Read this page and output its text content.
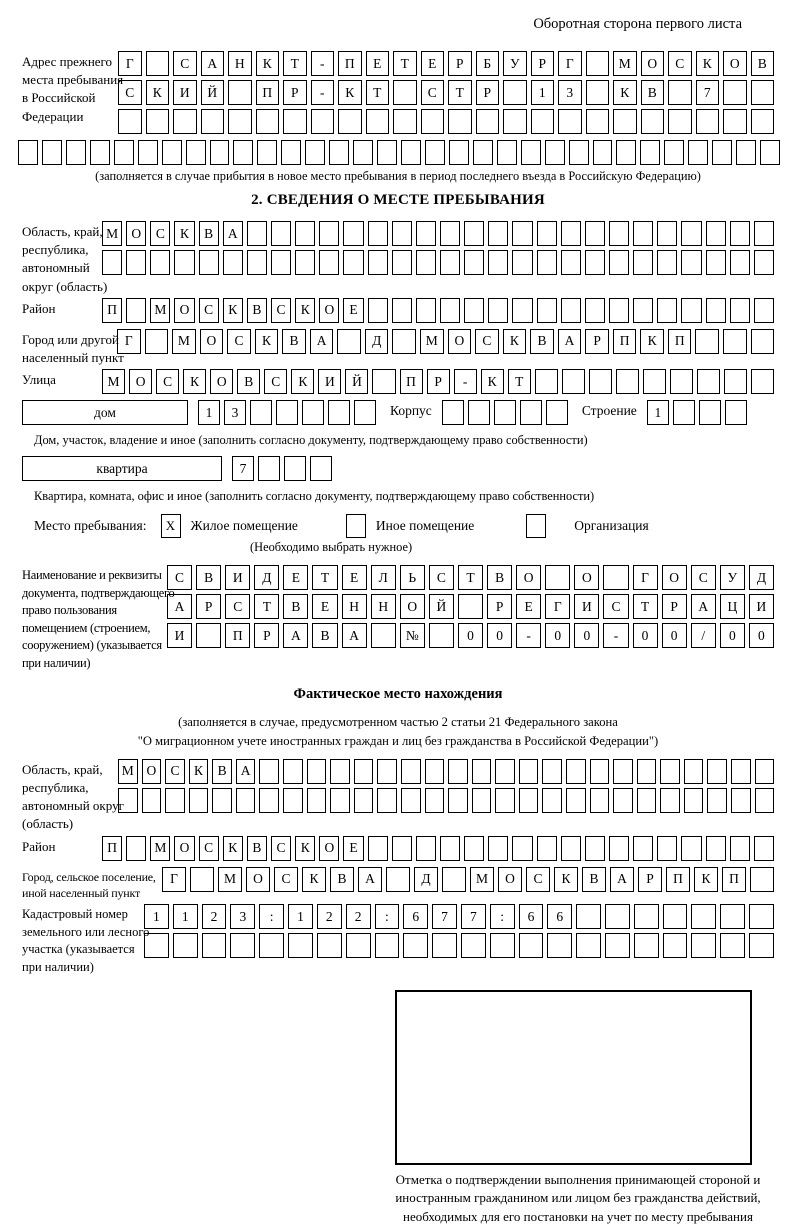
Оборотная сторона первого листа
Адрес прежнего
места пребывания
в Российской
Федерации
Г	С	А	Н	К	Т	-	П	Е	Т	Е	Р	Б	У	Р	Г	М	О	С	К	О	В
С	К	И	Й	П	Р	-	К	Т	С	Т	Р	1	3	К	В	7
(заполняется в случае прибытия в новое место пребывания в период последнего въезда в Российскую Федерацию)
2. СВЕДЕНИЯ О МЕСТЕ ПРЕБЫВАНИЯ
Область, край,
республика,
автономный
округ (область)
М О	С	К	В	А
Район	П	М О	С	К	В	С	К	О	Е
Город или другой
населенный пункт
Г	М	О	С	К	В	А	Д	М	О	С	К	В	А	Р	П	К	П
Улица	М	О	С	К	О	В	С	К	И	Й	П	Р	-	К	Т
дом	1	3	Корпус	Строение	1
Дом, участок, владение и иное (заполнить согласно документу, подтверждающему право собственности)
квартира	7
Квартира, комната, офис и иное (заполнить согласно документу, подтверждающему право собственности)
Место пребывания:	X	Жилое помещение	Иное помещение	Организация
(Необходимо выбрать нужное)
Наименование и реквизиты
документа, подтверждающего
право пользования
помещением (строением,
сооружением) (указывается
при наличии)
С	В	И	Д	Е	Т	Е	Л	Ь	С	Т	В	О	О	Г	О	С	У	Д
А	Р	С	Т	В	Е	Н	Н	О	Й	Р	Е	Г	И	С	Т	Р	А	Ц	И
И	П	Р	А	В	А	№	0	0	-	0	0	-	0	0	/	0	0
Фактическое место нахождения
(заполняется в случае, предусмотренном частью 2 статьи 21 Федерального закона
"О миграционном учете иностранных граждан и лиц без гражданства в Российской Федерации")
Область, край,
республика,
автономный округ
(область)
М О	С	К	В	А
Район	П	М О	С	К	В	С	К	О	Е
Город, сельское поселение,
иной населенный пункт
Г	М	О	С	К	В	А	Д	М	О	С	К	В	А	Р	П	К	П
Кадастровый номер
земельного или лесного
участка (указывается
при наличии)
1	1	2	3	:	1	2	2	:	6	7	7	:	6	6
Отметка о подтверждении выполнения принимающей стороной и иностранным гражданином или лицом без гражданства действий, необходимых для его постановки на учет по месту пребывания
